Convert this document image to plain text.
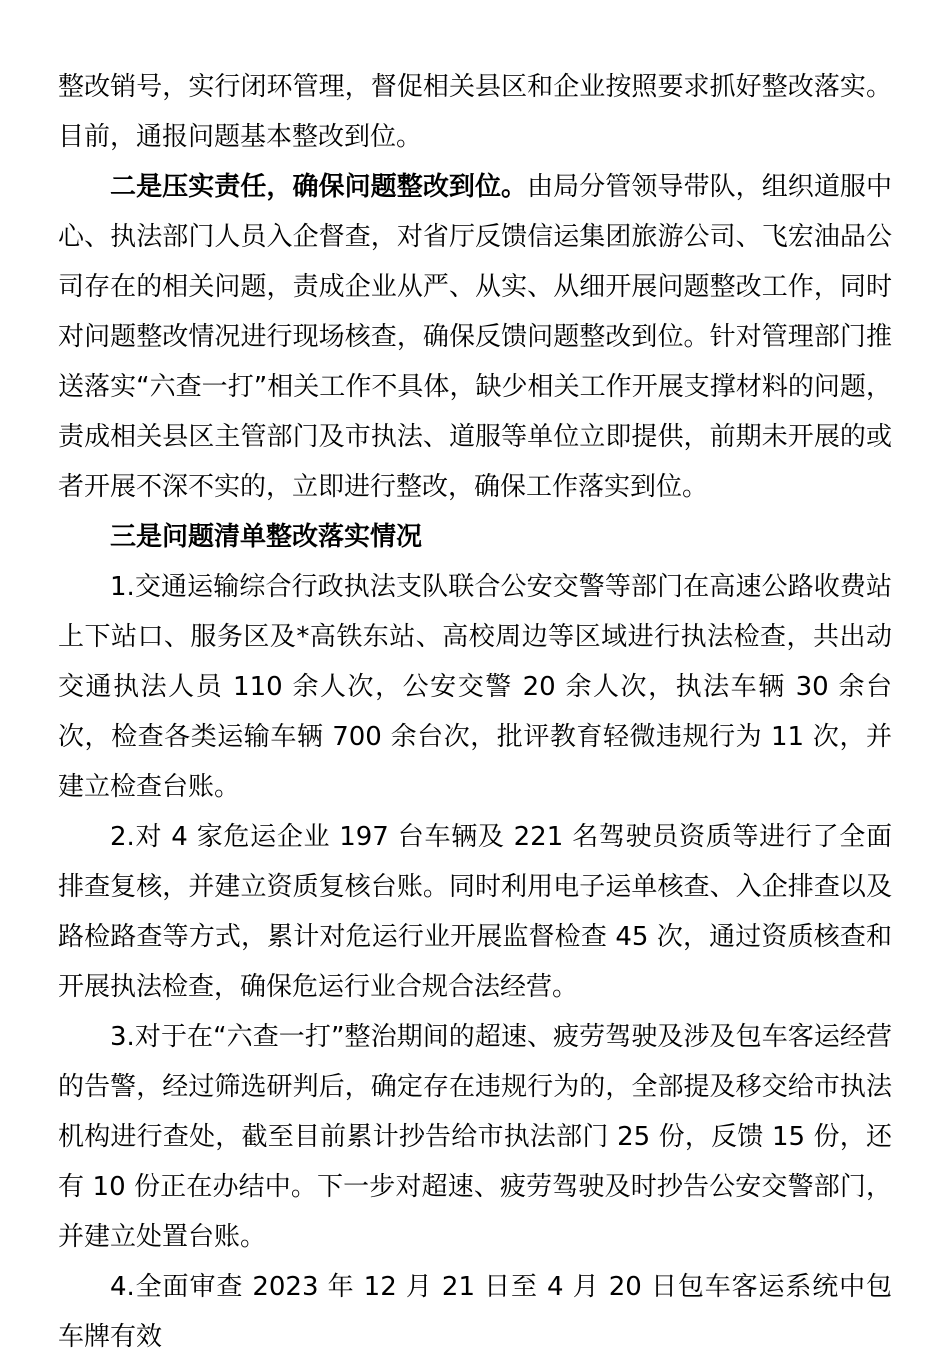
整改销号，实行闭环管理，督促相关县区和企业按照要求抓好整改落实。目前，通报问题基本整改到位。

二是压实责任，确保问题整改到位。由局分管领导带队，组织道服中心、执法部门人员入企督查，对省厅反馈信运集团旅游公司、飞宏油品公司存在的相关问题，责成企业从严、从实、从细开展问题整改工作，同时对问题整改情况进行现场核查，确保反馈问题整改到位。针对管理部门推送落实“六查一打”相关工作不具体，缺少相关工作开展支撑材料的问题，责成相关县区主管部门及市执法、道服等单位立即提供，前期未开展的或者开展不深不实的，立即进行整改，确保工作落实到位。

三是问题清单整改落实情况

1.交通运输综合行政执法支队联合公安交警等部门在高速公路收费站上下站口、服务区及*高铁东站、高校周边等区域进行执法检查，共出动交通执法人员 110 余人次，公安交警 20 余人次，执法车辆 30 余台次，检查各类运输车辆 700 余台次，批评教育轻微违规行为 11 次，并建立检查台账。

2.对 4 家危运企业 197 台车辆及 221 名驾驶员资质等进行了全面排查复核，并建立资质复核台账。同时利用电子运单核查、入企排查以及路检路查等方式，累计对危运行业开展监督检查 45 次，通过资质核查和开展执法检查，确保危运行业合规合法经营。

3.对于在“六查一打”整治期间的超速、疲劳驾驶及涉及包车客运经营的告警，经过筛选研判后，确定存在违规行为的，全部提及移交给市执法机构进行查处，截至目前累计抄告给市执法部门 25 份，反馈 15 份，还有 10 份正在办结中。下一步对超速、疲劳驾驶及时抄告公安交警部门，并建立处置台账。

4.全面审查 2023 年 12 月 21 日至 4 月 20 日包车客运系统中包车牌有效
